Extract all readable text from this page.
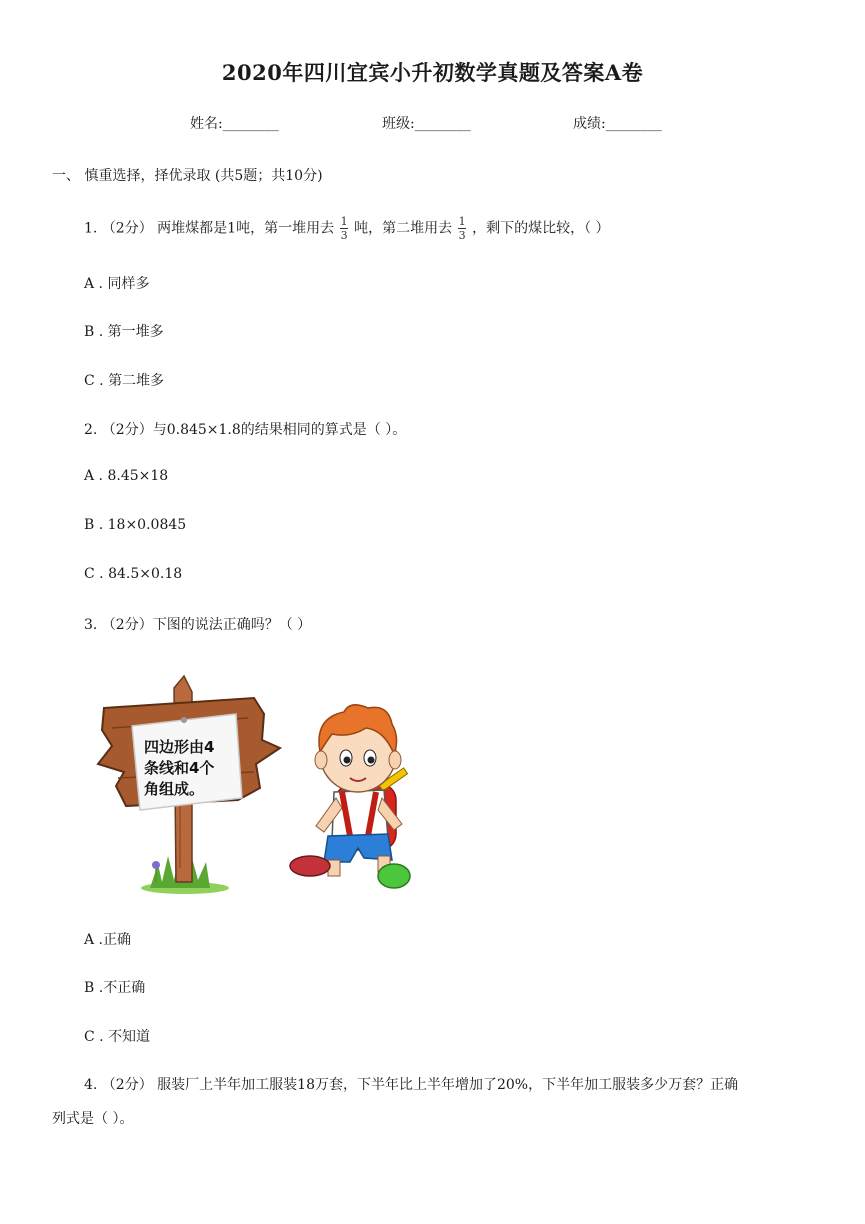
2020年四川宜宾小升初数学真题及答案A卷
姓名:________	班级:________	成绩:________
一、 慎重选择，择优录取 (共5题；共10分)
1. （2分） 两堆煤都是1吨，第一堆用去 $\frac{1}{3}$ 吨，第二堆用去 $\frac{1}{3}$ ，剩下的煤比较，（ ）
A . 同样多
B . 第一堆多
C . 第二堆多
2. （2分）与0.845×1.8的结果相同的算式是（ ）。
A . 8.45×18
B . 18×0.0845
C . 84.5×0.18
3. （2分）下图的说法正确吗？（ ）
四边形由4
条线和4个
角组成。
A .正确
B .不正确
C . 不知道
4. （2分） 服装厂上半年加工服装18万套，下半年比上半年增加了20%，下半年加工服装多少万套？正确
列式是（ ）。
